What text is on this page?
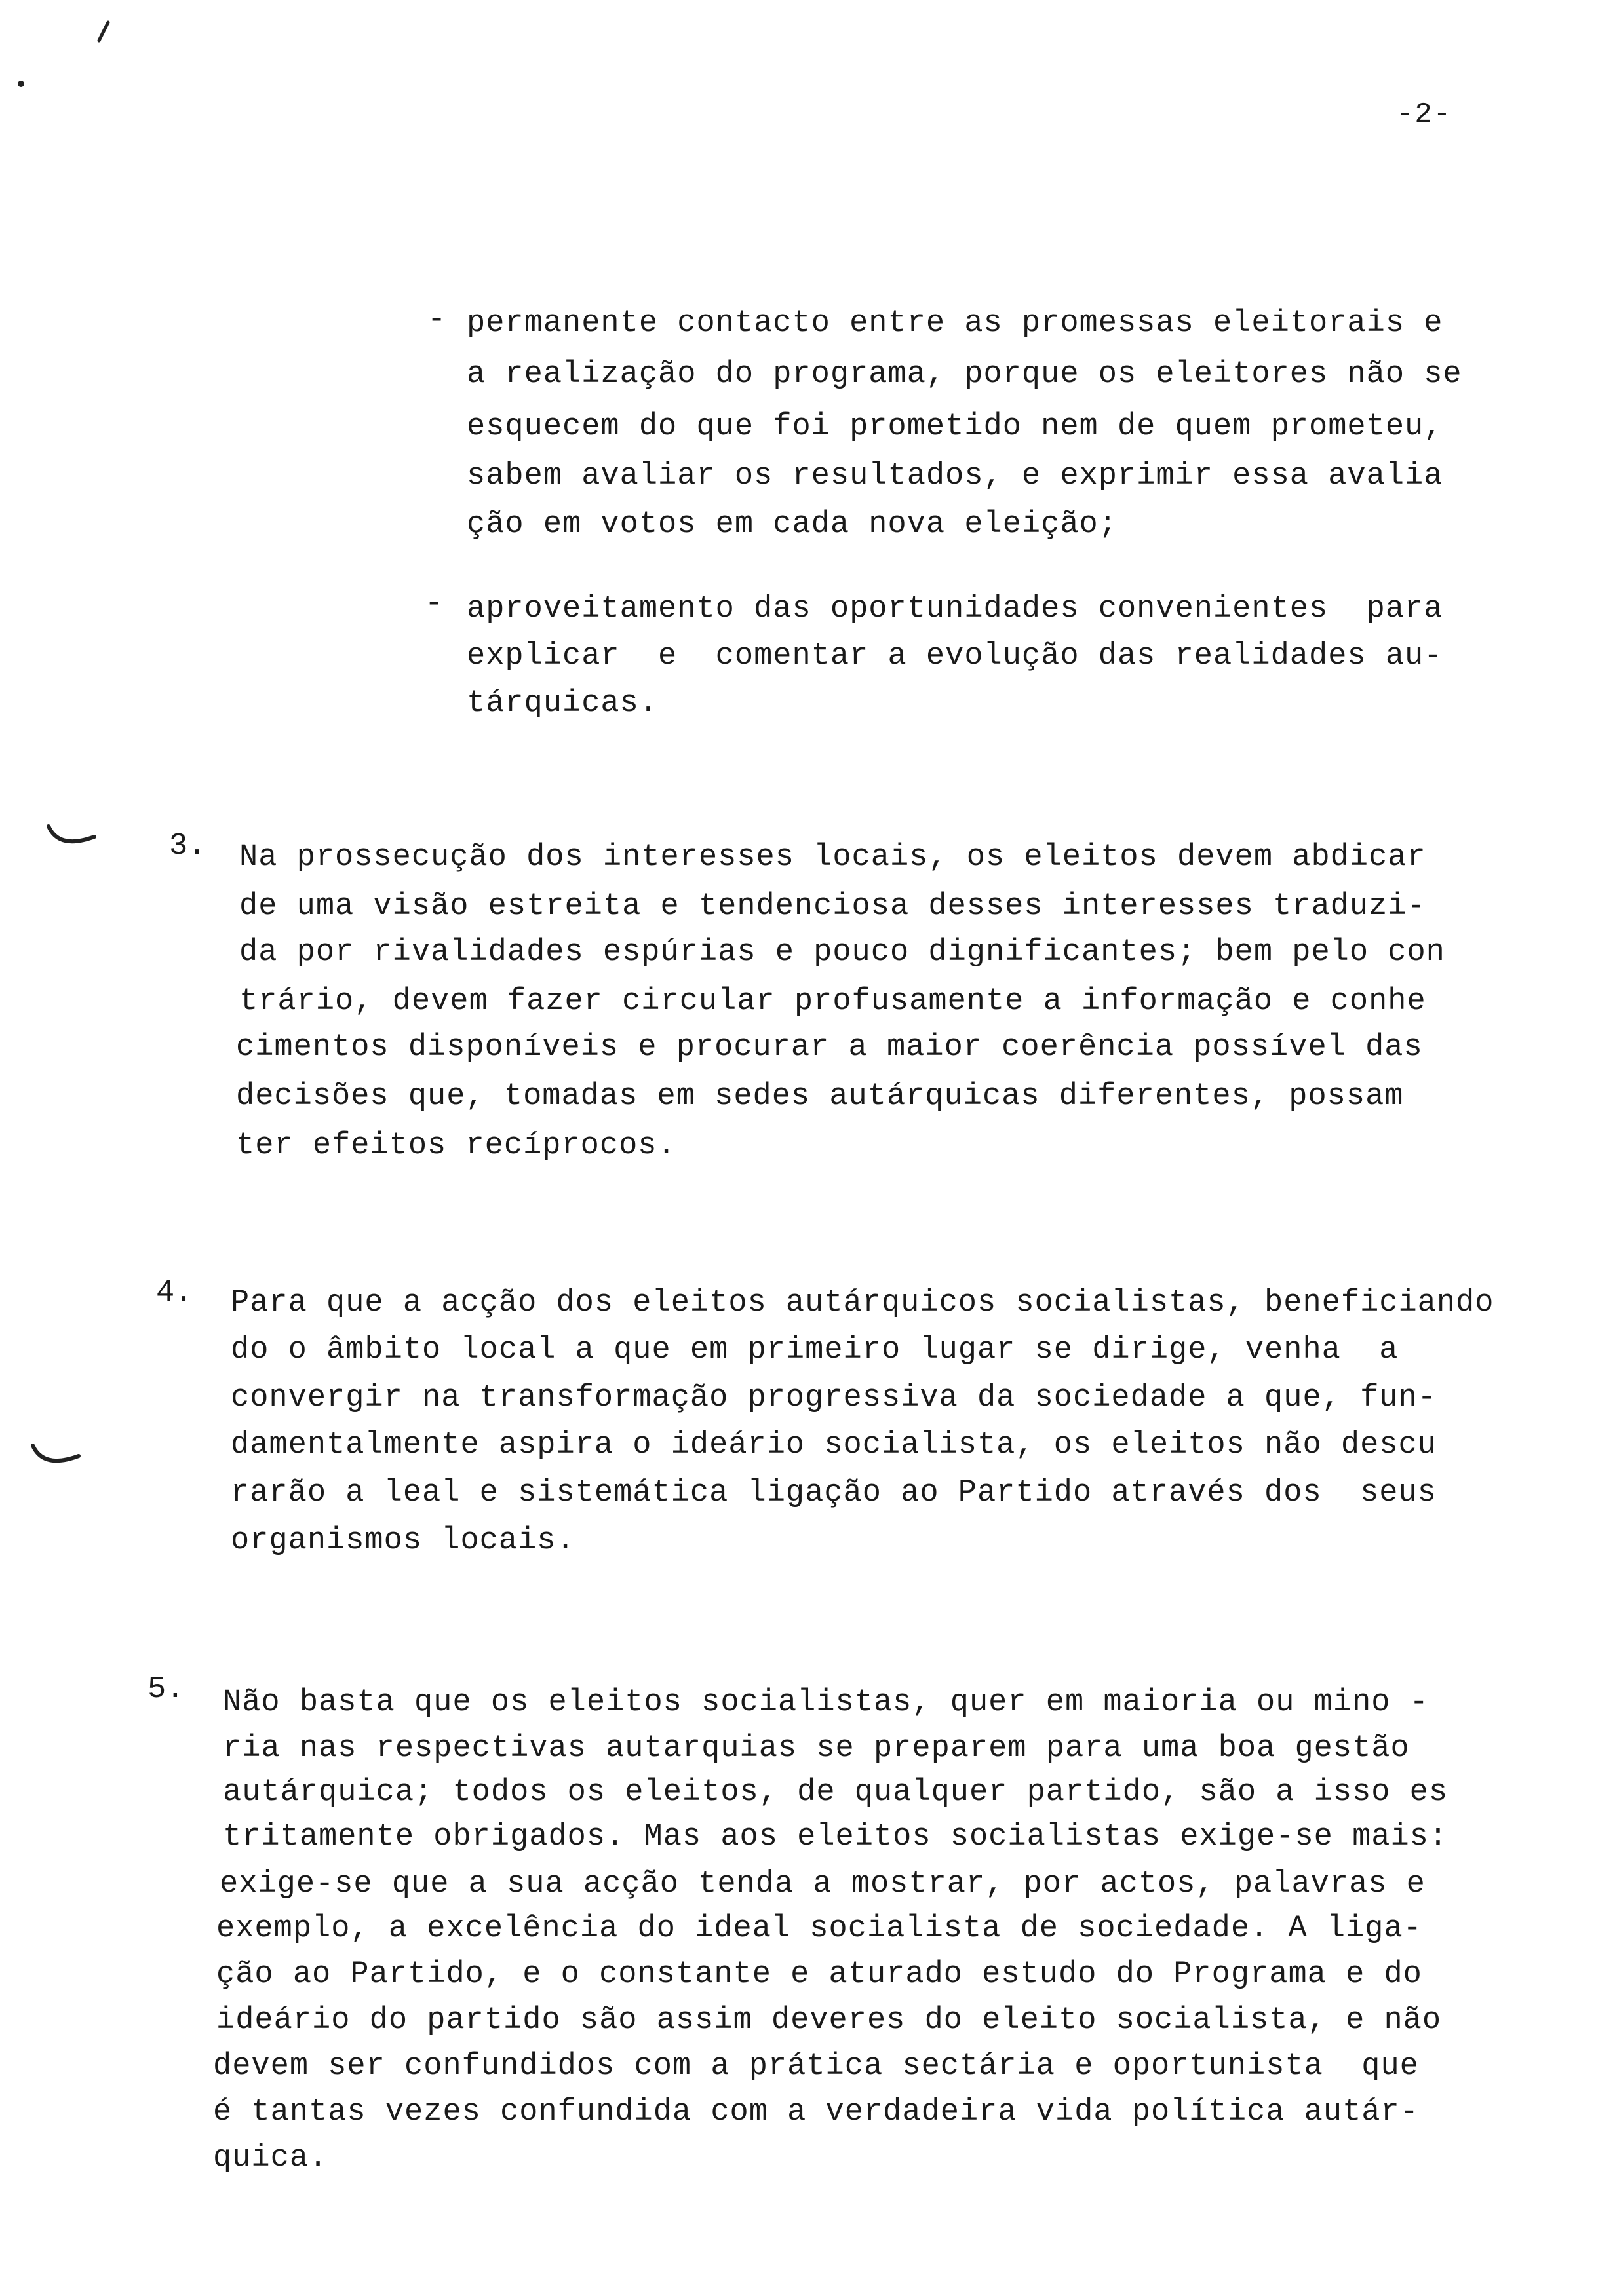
-2-
- permanente contacto entre as promessas eleitorais e
a realização do programa, porque os eleitores não se
esquecem do que foi prometido nem de quem prometeu,
sabem avaliar os resultados, e exprimir essa avalia
ção em votos em cada nova eleição;
- aproveitamento das oportunidades convenientes  para
explicar  e  comentar a evolução das realidades au-
tárquicas.
3. Na prossecução dos interesses locais, os eleitos devem abdicar
de uma visão estreita e tendenciosa desses interesses traduzi-
da por rivalidades espúrias e pouco dignificantes; bem pelo con
trário, devem fazer circular profusamente a informação e conhe
cimentos disponíveis e procurar a maior coerência possível das
decisões que, tomadas em sedes autárquicas diferentes, possam
ter efeitos recíprocos.
4. Para que a acção dos eleitos autárquicos socialistas, beneficiando
do o âmbito local a que em primeiro lugar se dirige, venha  a
convergir na transformação progressiva da sociedade a que, fun-
damentalmente aspira o ideário socialista, os eleitos não descu
rarão a leal e sistemática ligação ao Partido através dos  seus
organismos locais.
5. Não basta que os eleitos socialistas, quer em maioria ou mino -
ria nas respectivas autarquias se preparem para uma boa gestão
autárquica; todos os eleitos, de qualquer partido, são a isso es
tritamente obrigados. Mas aos eleitos socialistas exige-se mais:
exige-se que a sua acção tenda a mostrar, por actos, palavras e
exemplo, a excelência do ideal socialista de sociedade. A liga-
ção ao Partido, e o constante e aturado estudo do Programa e do
ideário do partido são assim deveres do eleito socialista, e não
devem ser confundidos com a prática sectária e oportunista  que
é tantas vezes confundida com a verdadeira vida política autár-
quica.
